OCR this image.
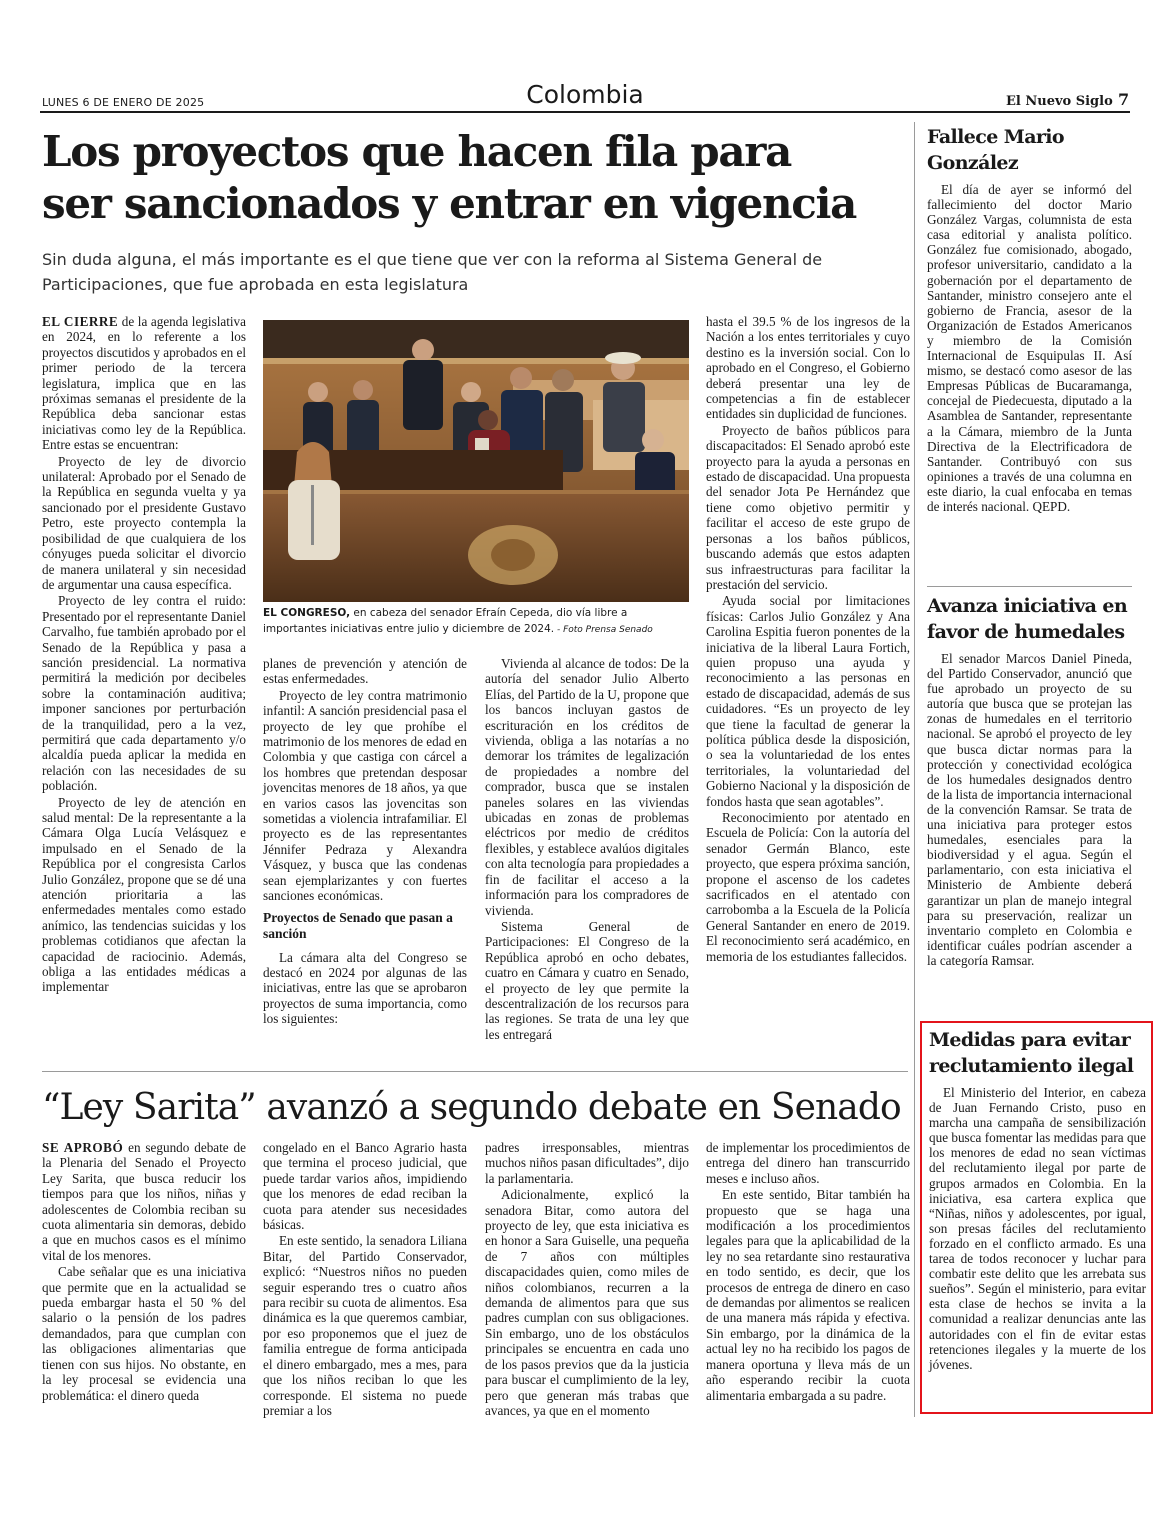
LUNES 6 DE ENERO DE 2025	Colombia	El Nuevo Siglo 7
Los proyectos que hacen fila para
ser sancionados y entrar en vigencia
Sin duda alguna, el más importante es el que tiene que ver con la reforma al Sistema General de
Participaciones, que fue aprobada en esta legislatura

EL CIERRE de la agenda legislativa en 2024, en lo referente a los proyectos discutidos y aprobados en el primer periodo de la tercera legislatura, implica que en las próximas semanas el presidente de la República deba sancionar estas iniciativas como ley de la República. Entre estas se encuentran:

Proyecto de ley de divorcio unilateral: Aprobado por el Senado de la República en segunda vuelta y ya sancionado por el presidente Gustavo Petro, este proyecto contempla la posibilidad de que cualquiera de los cónyuges pueda solicitar el divorcio de manera unilateral y sin necesidad de argumentar una causa específica.

Proyecto de ley contra el ruido: Presentado por el representante Daniel Carvalho, fue también aprobado por el Senado de la República y pasa a sanción presidencial. La normativa permitirá la medición por decibeles sobre la contaminación auditiva; imponer sanciones por perturbación de la tranquilidad, pero a la vez, permitirá que cada departamento y/o alcaldía pueda aplicar la medida en relación con las necesidades de su población.

Proyecto de ley de atención en salud mental: De la representante a la Cámara Olga Lucía Velásquez e impulsado en el Senado de la República por el congresista Carlos Julio González, propone que se dé una atención prioritaria a las enfermedades mentales como estado anímico, las tendencias suicidas y los problemas cotidianos que afectan la capacidad de raciocinio. Además, obliga a las entidades médicas a implementar

EL CONGRESO, en cabeza del senador Efraín Cepeda, dio vía libre a importantes iniciativas entre julio y diciembre de 2024. - Foto Prensa Senado

planes de prevención y atención de estas enfermedades.

Proyecto de ley contra matrimonio infantil: A sanción presidencial pasa el proyecto de ley que prohíbe el matrimonio de los menores de edad en Colombia y que castiga con cárcel a los hombres que pretendan desposar jovencitas menores de 18 años, ya que en varios casos las jovencitas son sometidas a violencia intrafamiliar. El proyecto es de las representantes Jénnifer Pedraza y Alexandra Vásquez, y busca que las condenas sean ejemplarizantes y con fuertes sanciones económicas.

Proyectos de Senado que pasan a sanción

La cámara alta del Congreso se destacó en 2024 por algunas de las iniciativas, entre las que se aprobaron proyectos de suma importancia, como los siguientes:

Vivienda al alcance de todos: De la autoría del senador Julio Alberto Elías, del Partido de la U, propone que los bancos incluyan gastos de escrituración en los créditos de vivienda, obliga a las notarías a no demorar los trámites de legalización de propiedades a nombre del comprador, busca que se instalen paneles solares en las viviendas ubicadas en zonas de problemas eléctricos por medio de créditos flexibles, y establece avalúos digitales con alta tecnología para propiedades a fin de facilitar el acceso a la información para los compradores de vivienda.

Sistema General de Participaciones: El Congreso de la República aprobó en ocho debates, cuatro en Cámara y cuatro en Senado, el proyecto de ley que permite la descentralización de los recursos para las regiones. Se trata de una ley que les entregará

hasta el 39.5 % de los ingresos de la Nación a los entes territoriales y cuyo destino es la inversión social. Con lo aprobado en el Congreso, el Gobierno deberá presentar una ley de competencias a fin de establecer entidades sin duplicidad de funciones.

Proyecto de baños públicos para discapacitados: El Senado aprobó este proyecto para la ayuda a personas en estado de discapacidad. Una propuesta del senador Jota Pe Hernández que tiene como objetivo permitir y facilitar el acceso de este grupo de personas a los baños públicos, buscando además que estos adapten sus infraestructuras para facilitar la prestación del servicio.

Ayuda social por limitaciones físicas: Carlos Julio González y Ana Carolina Espitia fueron ponentes de la iniciativa de la liberal Laura Fortich, quien propuso una ayuda y reconocimiento a las personas en estado de discapacidad, además de sus cuidadores. “Es un proyecto de ley que tiene la facultad de generar la política pública desde la disposición, o sea la voluntariedad de los entes territoriales, la voluntariedad del Gobierno Nacional y la disposición de fondos hasta que sean agotables”.

Reconocimiento por atentado en Escuela de Policía: Con la autoría del senador Germán Blanco, este proyecto, que espera próxima sanción, propone el ascenso de los cadetes sacrificados en el atentado con carrobomba a la Escuela de la Policía General Santander en enero de 2019. El reconocimiento será académico, en memoria de los estudiantes fallecidos.

“Ley Sarita” avanzó a segundo debate en Senado

SE APROBÓ en segundo debate de la Plenaria del Senado el Proyecto Ley Sarita, que busca reducir los tiempos para que los niños, niñas y adolescentes de Colombia reciban su cuota alimentaria sin demoras, debido a que en muchos casos es el mínimo vital de los menores.

Cabe señalar que es una iniciativa que permite que en la actualidad se pueda embargar hasta el 50 % del salario o la pensión de los padres demandados, para que cumplan con las obligaciones alimentarias que tienen con sus hijos. No obstante, en la ley procesal se evidencia una problemática: el dinero queda

congelado en el Banco Agrario hasta que termina el proceso judicial, que puede tardar varios años, impidiendo que los menores de edad reciban la cuota para atender sus necesidades básicas.

En este sentido, la senadora Liliana Bitar, del Partido Conservador, explicó: “Nuestros niños no pueden seguir esperando tres o cuatro años para recibir su cuota de alimentos. Esa dinámica es la que queremos cambiar, por eso proponemos que el juez de familia entregue de forma anticipada el dinero embargado, mes a mes, para que los niños reciban lo que les corresponde. El sistema no puede premiar a los

padres irresponsables, mientras muchos niños pasan dificultades”, dijo la parlamentaria.

Adicionalmente, explicó la senadora Bitar, como autora del proyecto de ley, que esta iniciativa es en honor a Sara Guiselle, una pequeña de 7 años con múltiples discapacidades quien, como miles de niños colombianos, recurren a la demanda de alimentos para que sus padres cumplan con sus obligaciones. Sin embargo, uno de los obstáculos principales se encuentra en cada uno de los pasos previos que da la justicia para buscar el cumplimiento de la ley, pero que generan más trabas que avances, ya que en el momento

de implementar los procedimientos de entrega del dinero han transcurrido meses e incluso años.

En este sentido, Bitar también ha propuesto que se haga una modificación a los procedimientos legales para que la aplicabilidad de la ley no sea retardante sino restaurativa en todo sentido, es decir, que los procesos de entrega de dinero en caso de demandas por alimentos se realicen de una manera más rápida y efectiva. Sin embargo, por la dinámica de la actual ley no ha recibido los pagos de manera oportuna y lleva más de un año esperando recibir la cuota alimentaria embargada a su padre.

Fallece Mario
González

El día de ayer se informó del fallecimiento del doctor Mario González Vargas, columnista de esta casa editorial y analista político. González fue comisionado, abogado, profesor universitario, candidato a la gobernación por el departamento de Santander, ministro consejero ante el gobierno de Francia, asesor de la Organización de Estados Americanos y miembro de la Comisión Internacional de Esquipulas II. Así mismo, se destacó como asesor de las Empresas Públicas de Bucaramanga, concejal de Piedecuesta, diputado a la Asamblea de Santander, representante a la Cámara, miembro de la Junta Directiva de la Electrificadora de Santander. Contribuyó con sus opiniones a través de una columna en este diario, la cual enfocaba en temas de interés nacional. QEPD.

Avanza iniciativa en
favor de humedales

El senador Marcos Daniel Pineda, del Partido Conservador, anunció que fue aprobado un proyecto de su autoría que busca que se protejan las zonas de humedales en el territorio nacional. Se aprobó el proyecto de ley que busca dictar normas para la protección y conectividad ecológica de los humedales designados dentro de la lista de importancia internacional de la convención Ramsar. Se trata de una iniciativa para proteger estos humedales, esenciales para la biodiversidad y el agua. Según el parlamentario, con esta iniciativa el Ministerio de Ambiente deberá garantizar un plan de manejo integral para su preservación, realizar un inventario completo en Colombia e identificar cuáles podrían ascender a la categoría Ramsar.

Medidas para evitar
reclutamiento ilegal

El Ministerio del Interior, en cabeza de Juan Fernando Cristo, puso en marcha una campaña de sensibilización que busca fomentar las medidas para que los menores de edad no sean víctimas del reclutamiento ilegal por parte de grupos armados en Colombia. En la iniciativa, esa cartera explica que “Niñas, niños y adolescentes, por igual, son presas fáciles del reclutamiento forzado en el conflicto armado. Es una tarea de todos reconocer y luchar para combatir este delito que les arrebata sus sueños”. Según el ministerio, para evitar esta clase de hechos se invita a la comunidad a realizar denuncias ante las autoridades con el fin de evitar estas retenciones ilegales y la muerte de los jóvenes.
